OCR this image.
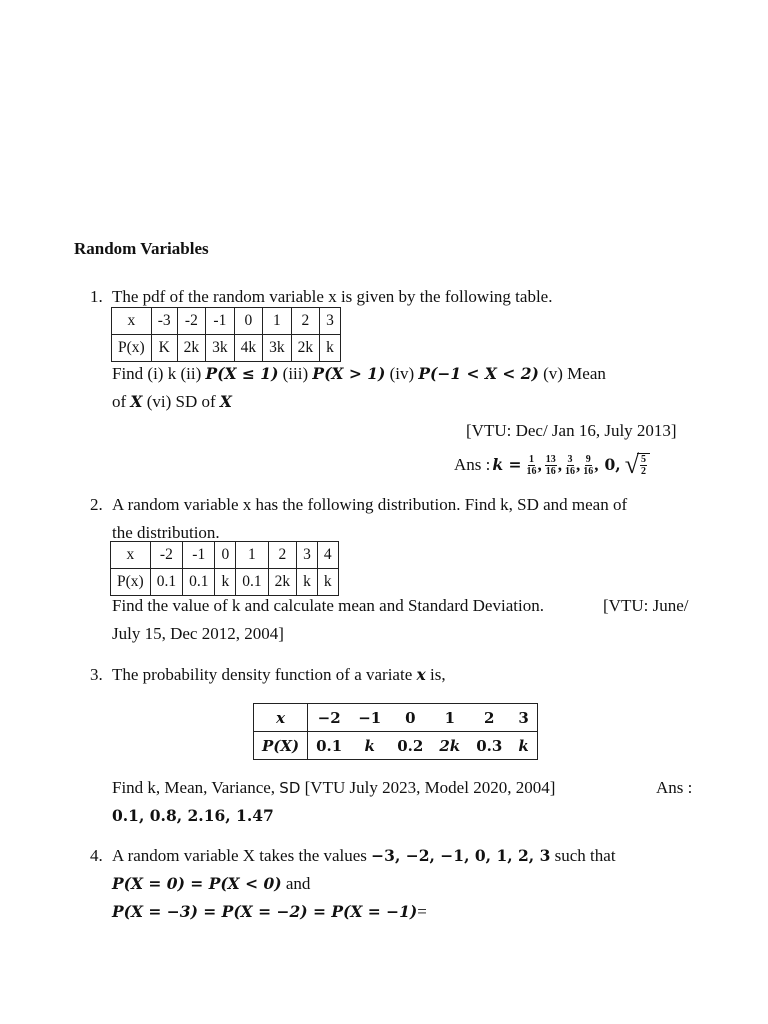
Random Variables
1. The pdf of the random variable x is given by the following table.
x	-3	-2	-1	0	1	2	3
P(x)	K	2k	3k	4k	3k	2k	k
Find (i) k (ii) P(X ≤ 1) (iii) P(X > 1) (iv) P(−1 < X < 2) (v) Mean
of X (vi) SD of X
[VTU: Dec/ Jan 16, July 2013]
Ans : $k = \frac{1}{16}$ , $\frac{13}{16}$ , $\frac{3}{16}$ , $\frac{9}{16}$ , 0, √ $\frac{5}{2}$
2. A random variable x has the following distribution. Find k, SD and mean of
the distribution.
x	-2	-1	0	1	2	3	4
P(x)	0.1	0.1	k	0.1	2k	k	k
Find the value of k and calculate mean and Standard Deviation.	[VTU: June/
July 15, Dec 2012, 2004]
3. The probability density function of a variate x is,
x	−2	−1	0	1	2	3
P(X)	0.1	k	0.2	2k	0.3	k
Find k, Mean, Variance, SD [VTU July 2023, Model 2020, 2004]	Ans :
0.1, 0.8, 2.16, 1.47
4. A random variable X takes the values −3, −2, −1, 0, 1, 2, 3 such that
P(X = 0) = P(X < 0) and
P(X = −3) = P(X = −2) = P(X = −1)=
